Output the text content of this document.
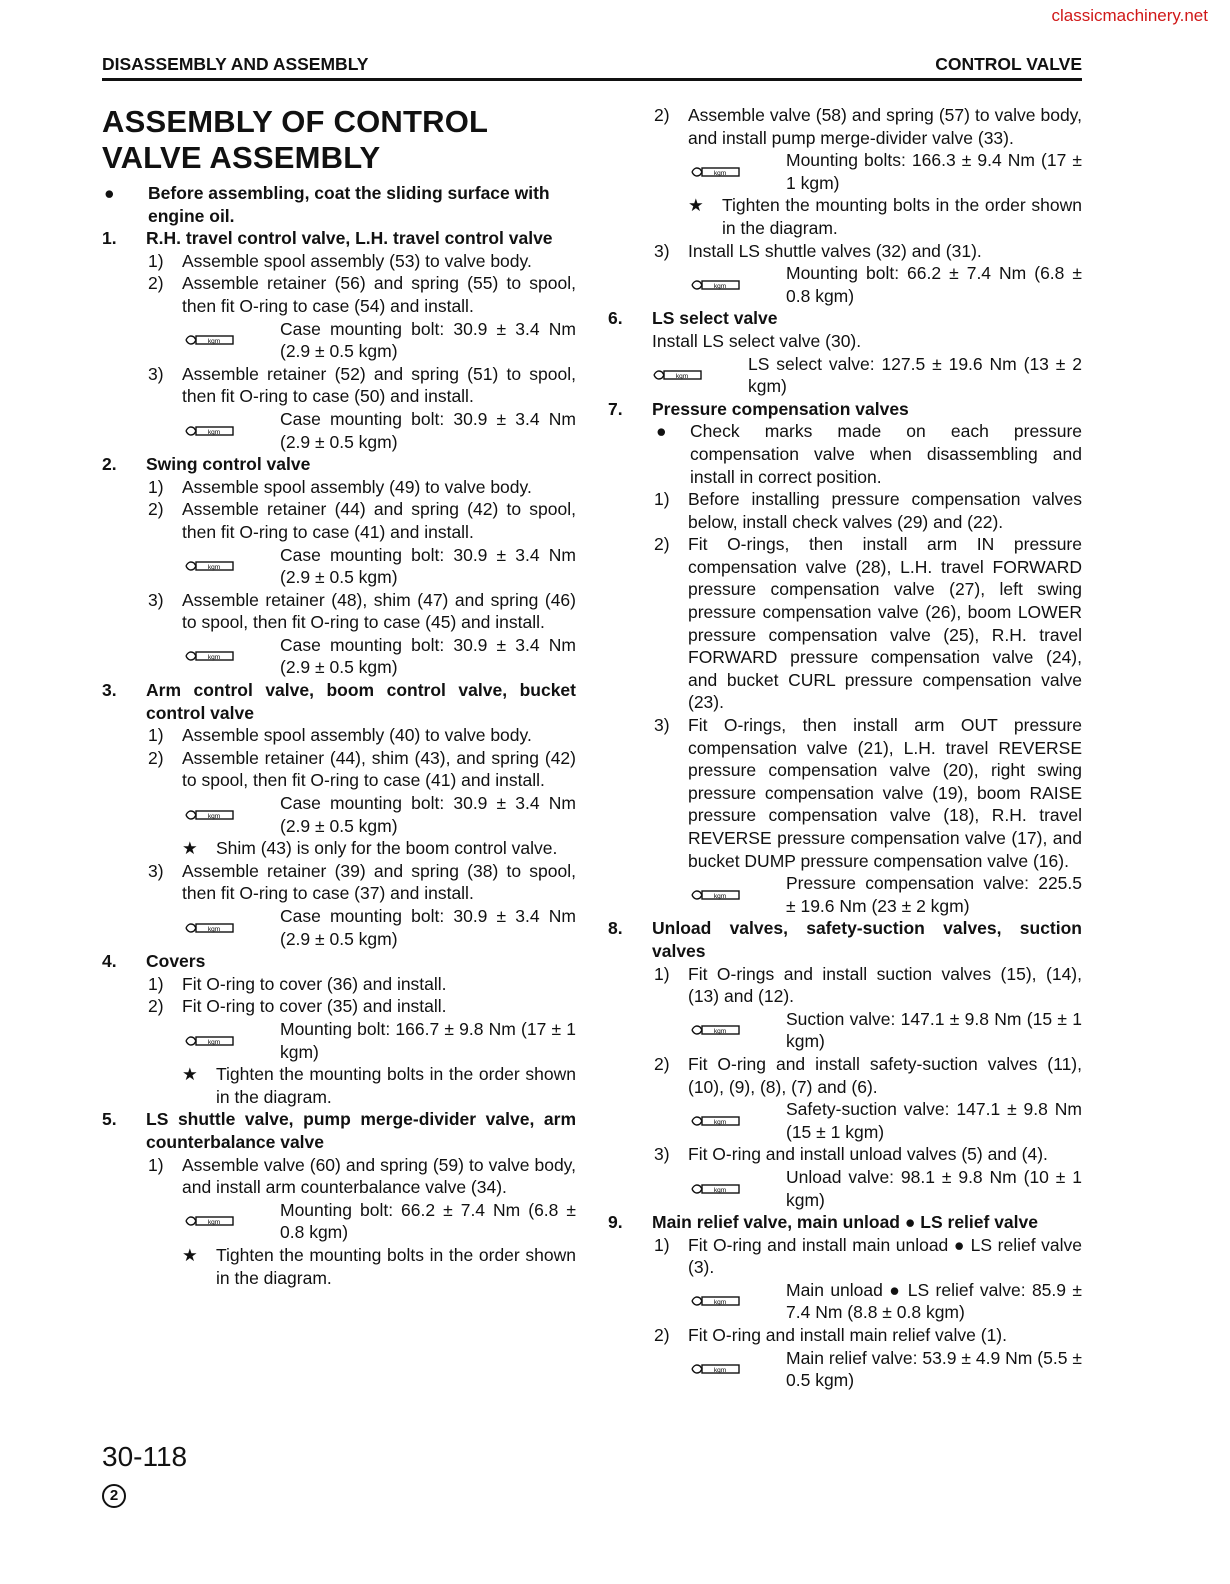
classicmachinery.net
DISASSEMBLY AND ASSEMBLY	CONTROL VALVE
ASSEMBLY OF CONTROL VALVE ASSEMBLY
●	Before assembling, coat the sliding surface with engine oil.
1.	R.H. travel control valve, L.H. travel control valve
1)	Assemble spool assembly (53) to valve body.
2)	Assemble retainer (56) and spring (55) to spool, then fit O-ring to case (54) and install.
kgm
Case mounting bolt: 30.9 ± 3.4 Nm (2.9 ± 0.5 kgm)
3)	Assemble retainer (52) and spring (51) to spool, then fit O-ring to case (50) and install.
kgm
Case mounting bolt: 30.9 ± 3.4 Nm (2.9 ± 0.5 kgm)
2.	Swing control valve
1)	Assemble spool assembly (49) to valve body.
2)	Assemble retainer (44) and spring (42) to spool, then fit O-ring to case (41) and install.
kgm
Case mounting bolt: 30.9 ± 3.4 Nm (2.9 ± 0.5 kgm)
3)	Assemble retainer (48), shim (47) and spring (46) to spool, then fit O-ring to case (45) and install.
kgm
Case mounting bolt: 30.9 ± 3.4 Nm (2.9 ± 0.5 kgm)
3.	Arm control valve, boom control valve, bucket control valve
1)	Assemble spool assembly (40) to valve body.
2)	Assemble retainer (44), shim (43), and spring (42) to spool, then fit O-ring to case (41) and install.
kgm
Case mounting bolt: 30.9 ± 3.4 Nm (2.9 ± 0.5 kgm)
★	Shim (43) is only for the boom control valve.
3)	Assemble retainer (39) and spring (38) to spool, then fit O-ring to case (37) and install.
kgm
Case mounting bolt: 30.9 ± 3.4 Nm (2.9 ± 0.5 kgm)
4.	Covers
1)	Fit O-ring to cover (36) and install.
2)	Fit O-ring to cover (35) and install.
kgm
Mounting bolt: 166.7 ± 9.8 Nm (17 ± 1 kgm)
★	Tighten the mounting bolts in the order shown in the diagram.
5.	LS shuttle valve, pump merge-divider valve, arm counterbalance valve
1)	Assemble valve (60) and spring (59) to valve body, and install arm counterbalance valve (34).
kgm
Mounting bolt: 66.2 ± 7.4 Nm (6.8 ± 0.8 kgm)
★	Tighten the mounting bolts in the order shown in the diagram.
2)	Assemble valve (58) and spring (57) to valve body, and install pump merge-divider valve (33).
kgm
Mounting bolts: 166.3 ± 9.4 Nm (17 ± 1 kgm)
★	Tighten the mounting bolts in the order shown in the diagram.
3)	Install LS shuttle valves (32) and (31).
kgm
Mounting bolt: 66.2 ± 7.4 Nm (6.8 ± 0.8 kgm)
6.	LS select valve
Install LS select valve (30).
kgm
LS select valve: 127.5 ± 19.6 Nm (13 ± 2 kgm)
7.	Pressure compensation valves
●	Check marks made on each pressure compensation valve when disassembling and install in correct position.
1)	Before installing pressure compensation valves below, install check valves (29) and (22).
2)	Fit O-rings, then install arm IN pressure compensation valve (28), L.H. travel FORWARD pressure compensation valve (27), left swing pressure compensation valve (26), boom LOWER pressure compensation valve (25), R.H. travel FORWARD pressure compensation valve (24), and bucket CURL pressure compensation valve (23).
3)	Fit O-rings, then install arm OUT pressure compensation valve (21), L.H. travel REVERSE pressure compensation valve (20), right swing pressure compensation valve (19), boom RAISE pressure compensation valve (18), R.H. travel REVERSE pressure compensation valve (17), and bucket DUMP pressure compensation valve (16).
kgm
Pressure compensation valve: 225.5 ± 19.6 Nm (23 ± 2 kgm)
8.	Unload valves, safety-suction valves, suction valves
1)	Fit O-rings and install suction valves (15), (14), (13) and (12).
kgm
Suction valve: 147.1 ± 9.8 Nm (15 ± 1 kgm)
2)	Fit O-ring and install safety-suction valves (11), (10), (9), (8), (7) and (6).
kgm
Safety-suction valve: 147.1 ± 9.8 Nm (15 ± 1 kgm)
3)	Fit O-ring and install unload valves (5) and (4).
kgm
Unload valve: 98.1 ± 9.8 Nm (10 ± 1 kgm)
9.	Main relief valve, main unload ● LS relief valve
1)	Fit O-ring and install main unload ● LS relief valve (3).
kgm
Main unload ● LS relief valve: 85.9 ± 7.4 Nm (8.8 ± 0.8 kgm)
2)	Fit O-ring and install main relief valve (1).
kgm
Main relief valve: 53.9 ± 4.9 Nm (5.5 ± 0.5 kgm)
30-118
2
